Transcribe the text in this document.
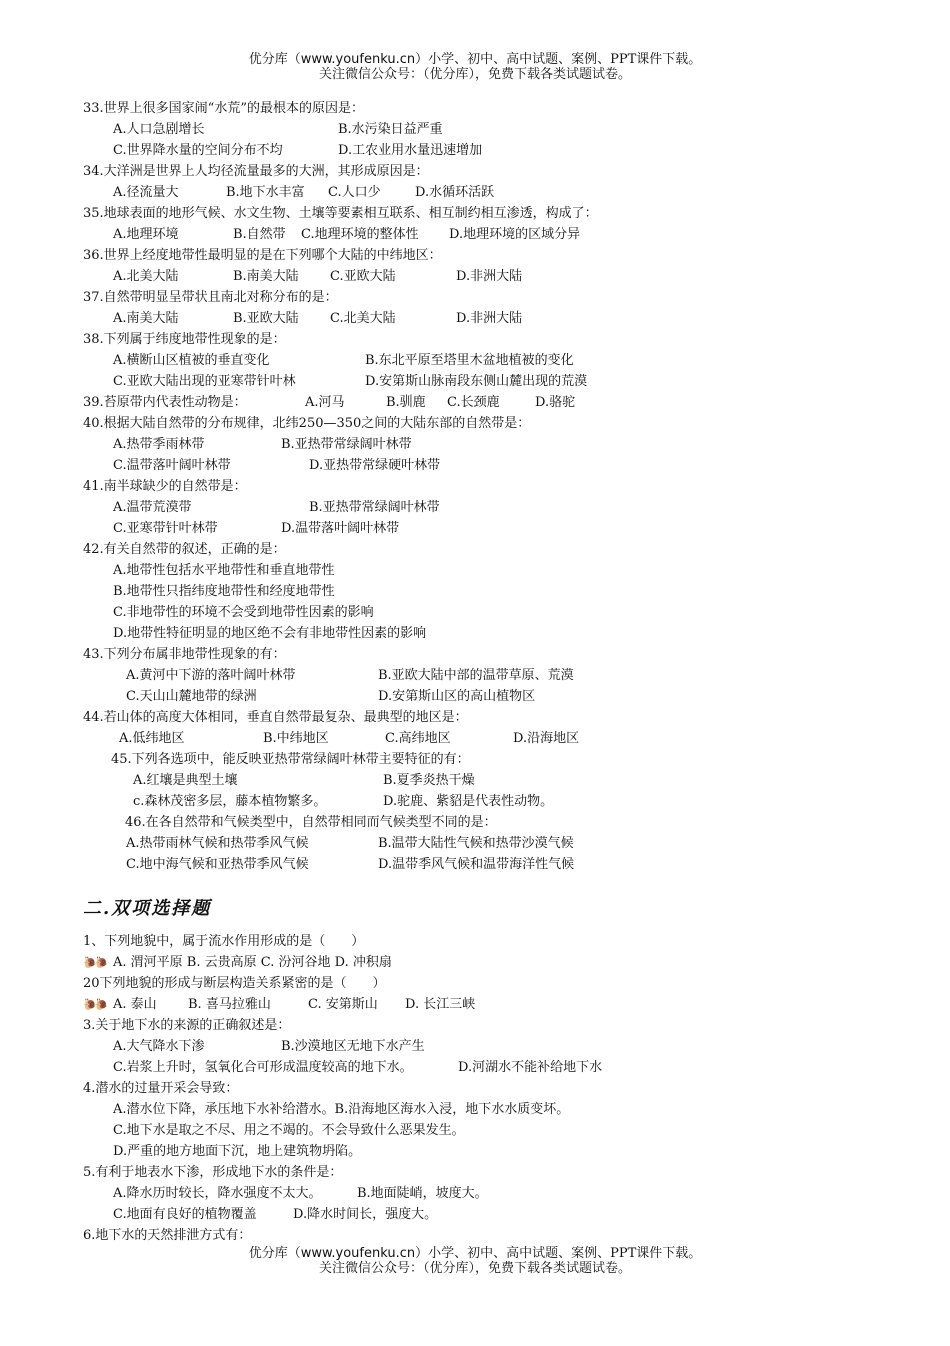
优分库（www.youfenku.cn）小学、初中、高中试题、案例、PPT课件下载。
关注微信公众号：（优分库），免费下载各类试题试卷。
33.世界上很多国家闹“水荒”的最根本的原因是：
A.人口急剧增长	B.水污染日益严重
C.世界降水量的空间分布不均	D.工农业用水量迅速增加
34.大洋洲是世界上人均径流量最多的大洲，其形成原因是：
A.径流量大	B.地下水丰富 C.人口少	D.水循环活跃
35.地球表面的地形气候、水文生物、土壤等要素相互联系、相互制约相互渗透，构成了：
A.地理环境	B.自然带 C.地理环境的整体性 D.地理环境的区域分异
36.世界上经度地带性最明显的是在下列哪个大陆的中纬地区：
A.北美大陆	B.南美大陆 C.亚欧大陆	D.非洲大陆
37.自然带明显呈带状且南北对称分布的是：
A.南美大陆	B.亚欧大陆 C.北美大陆	D.非洲大陆
38.下列属于纬度地带性现象的是：
A.横断山区植被的垂直变化	B.东北平原至塔里木盆地植被的变化
C.亚欧大陆出现的亚寒带针叶林	D.安第斯山脉南段东侧山麓出现的荒漠
39.苔原带内代表性动物是：	A.河马	B.驯鹿 C.长颈鹿	D.骆驼
40.根据大陆自然带的分布规律，北纬250—350之间的大陆东部的自然带是：
A.热带季雨林带	B.亚热带常绿阔叶林带
C.温带落叶阔叶林带	D.亚热带常绿硬叶林带
41.南半球缺少的自然带是：
A.温带荒漠带	B.亚热带常绿阔叶林带
C.亚寒带针叶林带	D.温带落叶阔叶林带
42.有关自然带的叙述，正确的是：
A.地带性包括水平地带性和垂直地带性
B.地带性只指纬度地带性和经度地带性
C.非地带性的环境不会受到地带性因素的影响
D.地带性特征明显的地区绝不会有非地带性因素的影响
43.下列分布属非地带性现象的有：
A.黄河中下游的落叶阔叶林带	B.亚欧大陆中部的温带草原、荒漠
C.天山山麓地带的绿洲	D.安第斯山区的高山植物区
44.若山体的高度大体相同，垂直自然带最复杂、最典型的地区是：
A.低纬地区	B.中纬地区	C.高纬地区	D.沿海地区
45.下列各选项中，能反映亚热带常绿阔叶林带主要特征的有：
A.红壤是典型土壤	B.夏季炎热干燥
c.森林茂密多层，藤本植物繁多。	D.驼鹿、紫貂是代表性动物。
46.在各自然带和气候类型中，自然带相同而气候类型不同的是：
A.热带雨林气候和热带季风气候	B.温带大陆性气候和热带沙漠气候
C.地中海气候和亚热带季风气候	D.温带季风气候和温带海洋性气候
二.双项选择题
1、下列地貌中，属于流水作用形成的是（　　）
🐌🐌 A. 渭河平原 B. 云贵高原 C. 汾河谷地 D. 冲积扇
20下列地貌的形成与断层构造关系紧密的是（　　）
🐌🐌 A. 泰山 B. 喜马拉雅山	C. 安第斯山 D. 长江三峡
3.关于地下水的来源的正确叙述是：
A.大气降水下渗	B.沙漠地区无地下水产生
C.岩浆上升时，氢氧化合可形成温度较高的地下水。	D.河湖水不能补给地下水
4.潜水的过量开采会导致：
A.潜水位下降，承压地下水补给潜水。B.沿海地区海水入浸，地下水水质变坏。
C.地下水是取之不尽、用之不竭的。不会导致什么恶果发生。
D.严重的地方地面下沉，地上建筑物坍陷。
5.有利于地表水下渗，形成地下水的条件是：
A.降水历时较长，降水强度不太大。	B.地面陡峭，坡度大。
C.地面有良好的植物覆盖	D.降水时间长，强度大。
6.地下水的天然排泄方式有：
优分库（www.youfenku.cn）小学、初中、高中试题、案例、PPT课件下载。
关注微信公众号：（优分库），免费下载各类试题试卷。
